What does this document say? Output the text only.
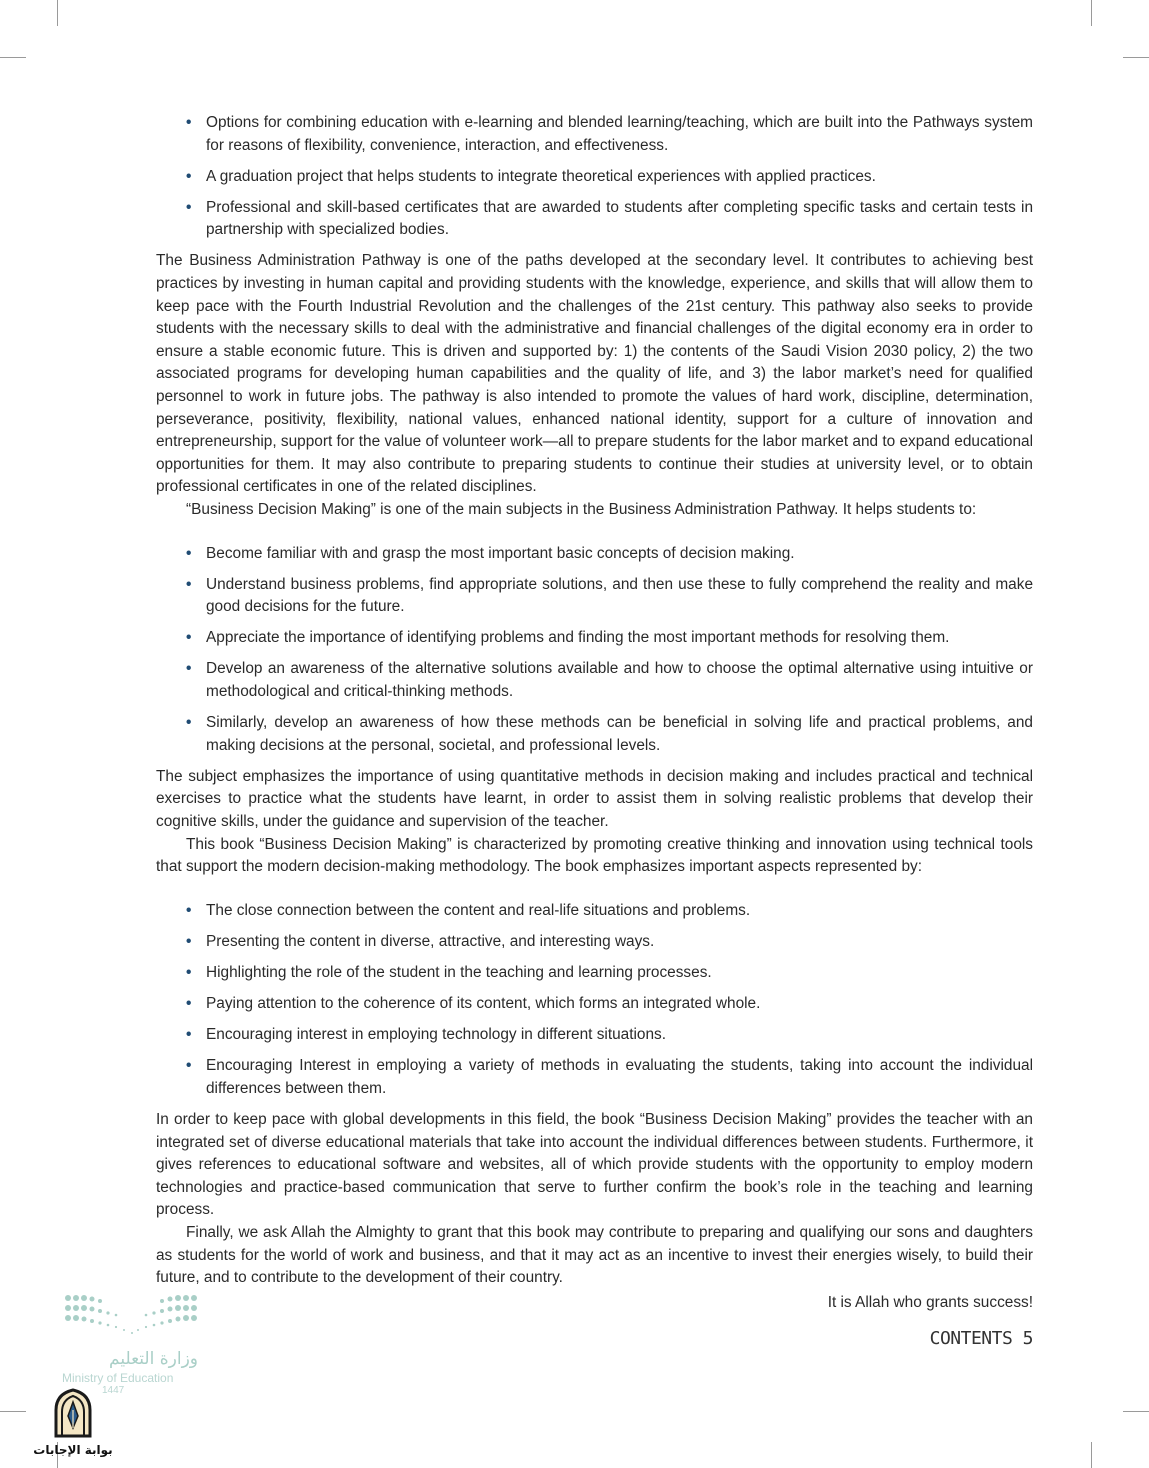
• Options for combining education with e-learning and blended learning/teaching, which are built into the Pathways system for reasons of flexibility, convenience, interaction, and effectiveness.
• A graduation project that helps students to integrate theoretical experiences with applied practices.
• Professional and skill-based certificates that are awarded to students after completing specific tasks and certain tests in partnership with specialized bodies.

The Business Administration Pathway is one of the paths developed at the secondary level. It contributes to achieving best practices by investing in human capital and providing students with the knowledge, experience, and skills that will allow them to keep pace with the Fourth Industrial Revolution and the challenges of the 21st century. This pathway also seeks to provide students with the necessary skills to deal with the administrative and financial challenges of the digital economy era in order to ensure a stable economic future. This is driven and supported by: 1) the contents of the Saudi Vision 2030 policy, 2) the two associated programs for developing human capabilities and the quality of life, and 3) the labor market’s need for qualified personnel to work in future jobs. The pathway is also intended to promote the values of hard work, discipline, determination, perseverance, positivity, flexibility, national values, enhanced national identity, support for a culture of innovation and entrepreneurship, support for the value of volunteer work—all to prepare students for the labor market and to expand educational opportunities for them. It may also contribute to preparing students to continue their studies at university level, or to obtain professional certificates in one of the related disciplines.

“Business Decision Making” is one of the main subjects in the Business Administration Pathway. It helps students to:

• Become familiar with and grasp the most important basic concepts of decision making.
• Understand business problems, find appropriate solutions, and then use these to fully comprehend the reality and make good decisions for the future.
• Appreciate the importance of identifying problems and finding the most important methods for resolving them.
• Develop an awareness of the alternative solutions available and how to choose the optimal alternative using intuitive or methodological and critical-thinking methods.
• Similarly, develop an awareness of how these methods can be beneficial in solving life and practical problems, and making decisions at the personal, societal, and professional levels.

The subject emphasizes the importance of using quantitative methods in decision making and includes practical and technical exercises to practice what the students have learnt, in order to assist them in solving realistic problems that develop their cognitive skills, under the guidance and supervision of the teacher.

This book “Business Decision Making” is characterized by promoting creative thinking and innovation using technical tools that support the modern decision-making methodology. The book emphasizes important aspects represented by:

• The close connection between the content and real-life situations and problems.
• Presenting the content in diverse, attractive, and interesting ways.
• Highlighting the role of the student in the teaching and learning processes.
• Paying attention to the coherence of its content, which forms an integrated whole.
• Encouraging interest in employing technology in different situations.
• Encouraging Interest in employing a variety of methods in evaluating the students, taking into account the individual differences between them.

In order to keep pace with global developments in this field, the book “Business Decision Making” provides the teacher with an integrated set of diverse educational materials that take into account the individual differences between students. Furthermore, it gives references to educational software and websites, all of which provide students with the opportunity to employ modern technologies and practice-based communication that serve to further confirm the book’s role in the teaching and learning process.

Finally, we ask Allah the Almighty to grant that this book may contribute to preparing and qualifying our sons and daughters as students for the world of work and business, and that it may act as an incentive to invest their energies wisely, to build their future, and to contribute to the development of their country.

It is Allah who grants success!

CONTENTS 5
وزارة التعليم
Ministry of Education
1447
بوابة الإجابات
